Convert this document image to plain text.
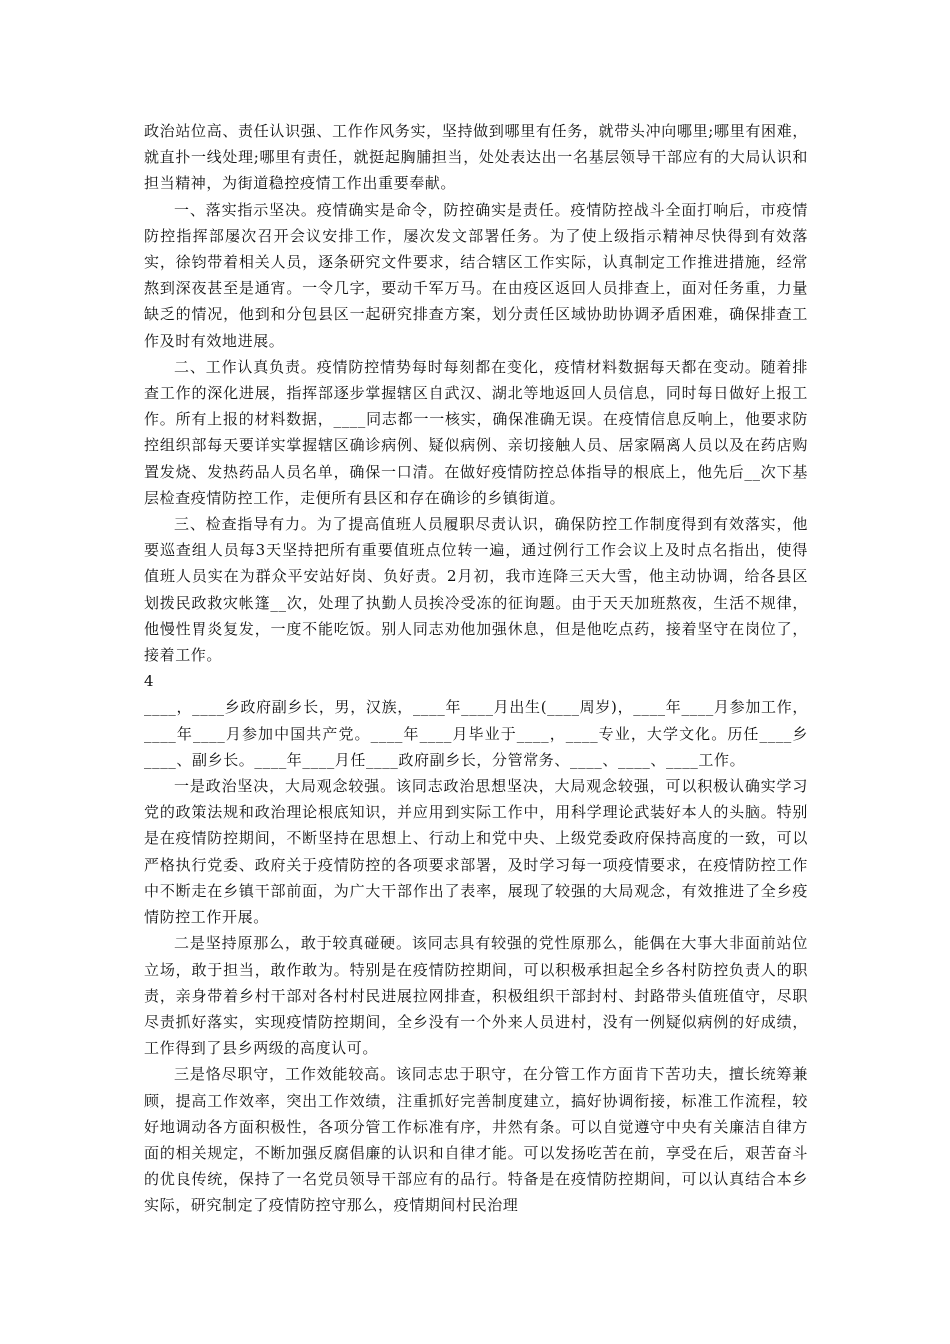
政治站位高、责任认识强、工作作风务实，坚持做到哪里有任务，就带头冲向哪里;哪里有困难，就直扑一线处理;哪里有责任，就挺起胸脯担当，处处表达出一名基层领导干部应有的大局认识和担当精神，为街道稳控疫情工作出重要奉献。

一、落实指示坚决。疫情确实是命令，防控确实是责任。疫情防控战斗全面打响后，市疫情防控指挥部屡次召开会议安排工作，屡次发文部署任务。为了使上级指示精神尽快得到有效落实，徐钧带着相关人员，逐条研究文件要求，结合辖区工作实际，认真制定工作推进措施，经常熬到深夜甚至是通宵。一令几字，要动千军万马。在由疫区返回人员排查上，面对任务重，力量缺乏的情况，他到和分包县区一起研究排查方案，划分责任区域协助协调矛盾困难，确保排查工作及时有效地进展。

二、工作认真负责。疫情防控情势每时每刻都在变化，疫情材料数据每天都在变动。随着排查工作的深化进展，指挥部逐步掌握辖区自武汉、湖北等地返回人员信息，同时每日做好上报工作。所有上报的材料数据，____同志都一一核实，确保准确无误。在疫情信息反响上，他要求防控组织部每天要详实掌握辖区确诊病例、疑似病例、亲切接触人员、居家隔离人员以及在药店购置发烧、发热药品人员名单，确保一口清。在做好疫情防控总体指导的根底上，他先后__次下基层检查疫情防控工作，走便所有县区和存在确诊的乡镇街道。

三、检查指导有力。为了提高值班人员履职尽责认识，确保防控工作制度得到有效落实，他要巡查组人员每3天坚持把所有重要值班点位转一遍，通过例行工作会议上及时点名指出，使得值班人员实在为群众平安站好岗、负好责。2月初，我市连降三天大雪，他主动协调，给各县区划拨民政救灾帐篷__次，处理了执勤人员挨冷受冻的征询题。由于天天加班熬夜，生活不规律，他慢性胃炎复发，一度不能吃饭。别人同志劝他加强休息，但是他吃点药，接着坚守在岗位了，接着工作。

4

____，____乡政府副乡长，男，汉族，____年____月出生(____周岁)，____年____月参加工作，____年____月参加中国共产党。____年____月毕业于____，____专业，大学文化。历任____乡____、副乡长。____年____月任____政府副乡长，分管常务、____、____、____工作。

一是政治坚决，大局观念较强。该同志政治思想坚决，大局观念较强，可以积极认确实学习党的政策法规和政治理论根底知识，并应用到实际工作中，用科学理论武装好本人的头脑。特别是在疫情防控期间，不断坚持在思想上、行动上和党中央、上级党委政府保持高度的一致，可以严格执行党委、政府关于疫情防控的各项要求部署，及时学习每一项疫情要求，在疫情防控工作中不断走在乡镇干部前面，为广大干部作出了表率，展现了较强的大局观念，有效推进了全乡疫情防控工作开展。

二是坚持原那么，敢于较真碰硬。该同志具有较强的党性原那么，能偶在大事大非面前站位立场，敢于担当，敢作敢为。特别是在疫情防控期间，可以积极承担起全乡各村防控负责人的职责，亲身带着乡村干部对各村村民进展拉网排查，积极组织干部封村、封路带头值班值守，尽职尽责抓好落实，实现疫情防控期间，全乡没有一个外来人员进村，没有一例疑似病例的好成绩，工作得到了县乡两级的高度认可。

三是恪尽职守，工作效能较高。该同志忠于职守，在分管工作方面肯下苦功夫，擅长统筹兼顾，提高工作效率，突出工作效绩，注重抓好完善制度建立，搞好协调衔接，标准工作流程，较好地调动各方面积极性，各项分管工作标准有序，井然有条。可以自觉遵守中央有关廉洁自律方面的相关规定，不断加强反腐倡廉的认识和自律才能。可以发扬吃苦在前，享受在后，艰苦奋斗的优良传统，保持了一名党员领导干部应有的品行。特备是在疫情防控期间，可以认真结合本乡实际，研究制定了疫情防控守那么，疫情期间村民治理
